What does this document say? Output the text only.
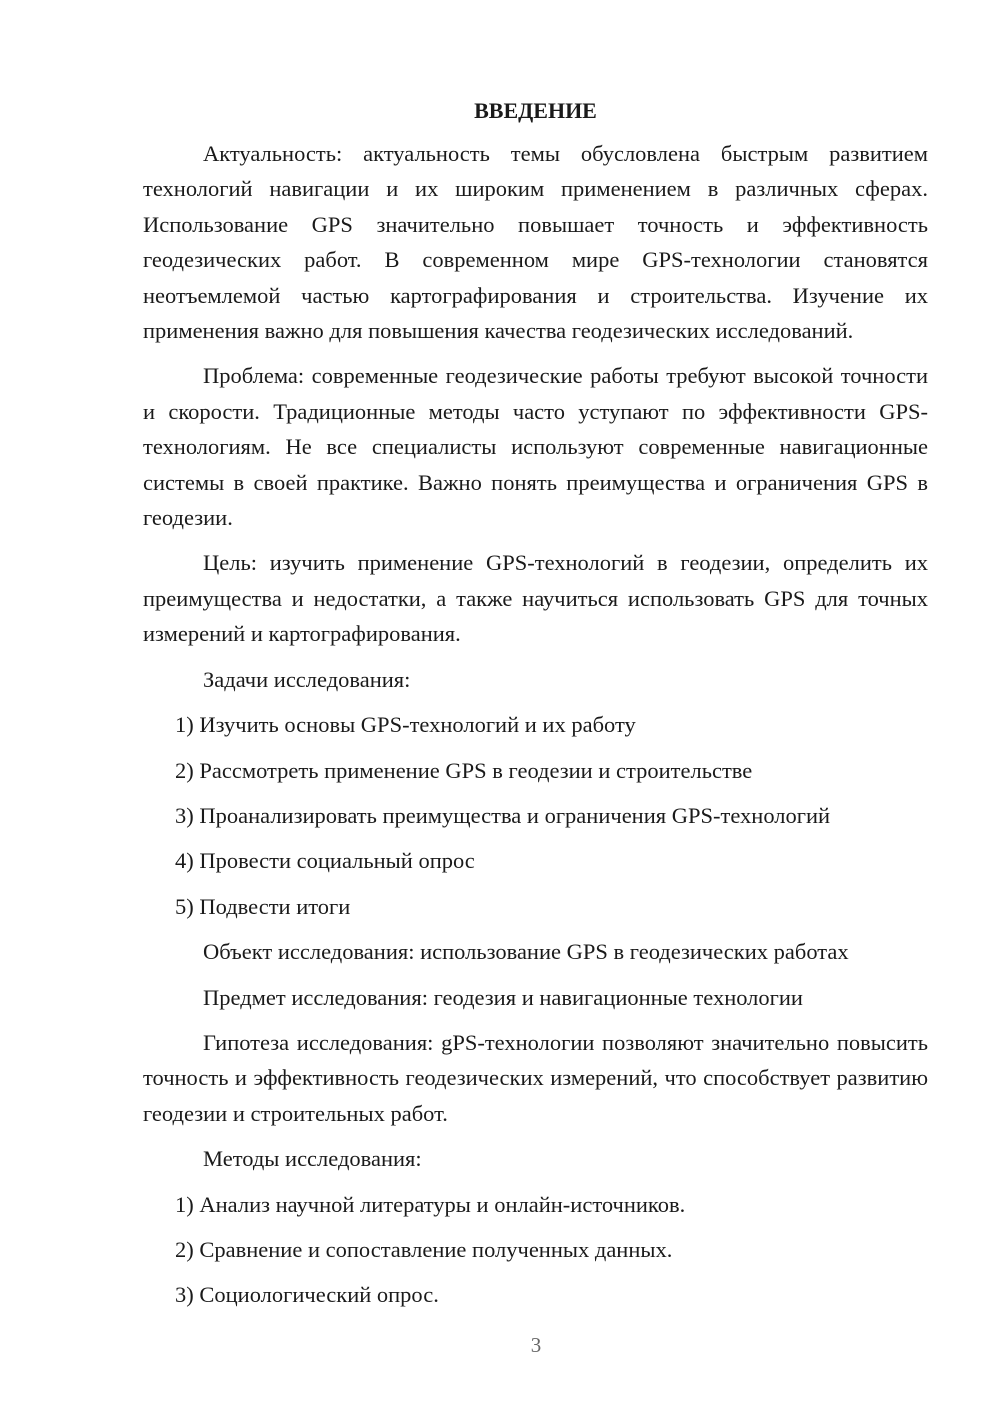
ВВЕДЕНИЕ

Актуальность: актуальность темы обусловлена быстрым развитием технологий навигации и их широким применением в различных сферах. Использование GPS значительно повышает точность и эффективность геодезических работ. В современном мире GPS-технологии становятся неотъемлемой частью картографирования и строительства. Изучение их применения важно для повышения качества геодезических исследований.

Проблема: современные геодезические работы требуют высокой точности и скорости. Традиционные методы часто уступают по эффективности GPS-технологиям. Не все специалисты используют современные навигационные системы в своей практике. Важно понять преимущества и ограничения GPS в геодезии.

Цель: изучить применение GPS-технологий в геодезии, определить их преимущества и недостатки, а также научиться использовать GPS для точных измерений и картографирования.

Задачи исследования:

1) Изучить основы GPS-технологий и их работу

2) Рассмотреть применение GPS в геодезии и строительстве

3) Проанализировать преимущества и ограничения GPS-технологий

4) Провести социальный опрос

5) Подвести итоги

Объект исследования: использование GPS в геодезических работах

Предмет исследования: геодезия и навигационные технологии

Гипотеза исследования: gPS-технологии позволяют значительно повысить точность и эффективность геодезических измерений, что способствует развитию геодезии и строительных работ.

Методы исследования:

1) Анализ научной литературы и онлайн-источников.

2) Сравнение и сопоставление полученных данных.

3) Социологический опрос.

3
